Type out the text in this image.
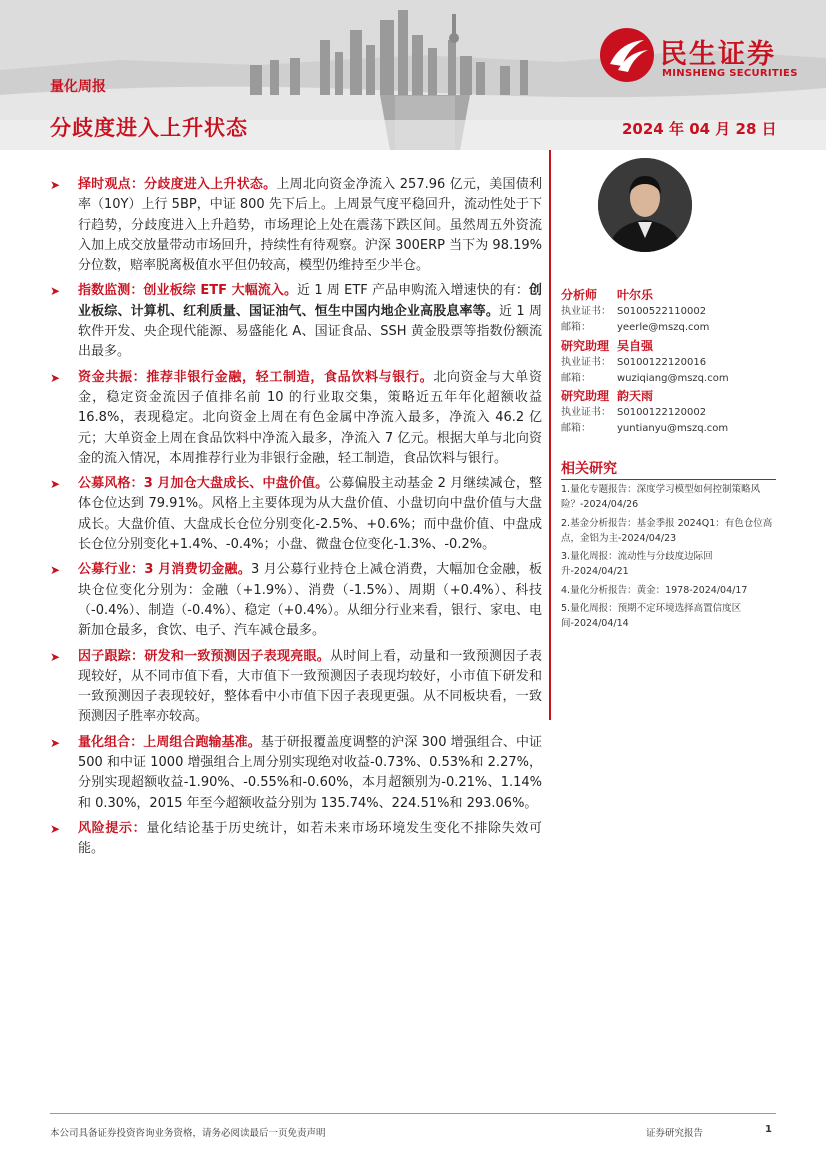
民生证券
MINSHENG SECURITIES
量化周报
分歧度进入上升状态	2024 年 04 月 28 日
➤ 择时观点：分歧度进入上升状态。上周北向资金净流入 257.96 亿元，美国债利率（10Y）上行 5BP，中证 800 先下后上。上周景气度平稳回升，流动性处于下行趋势，分歧度进入上升趋势，市场理论上处在震荡下跌区间。虽然周五外资流入加上成交放量带动市场回升，持续性有待观察。沪深 300ERP 当下为 98.19%分位数，赔率脱离极值水平但仍较高，模型仍维持至少半仓。
➤ 指数监测：创业板综 ETF 大幅流入。近 1 周 ETF 产品申购流入增速快的有：创业板综、计算机、红利质量、国证油气、恒生中国内地企业高股息率等。近 1 周软件开发、央企现代能源、易盛能化 A、国证食品、SSH 黄金股票等指数份额流出最多。
➤ 资金共振：推荐非银行金融，轻工制造，食品饮料与银行。北向资金与大单资金，稳定资金流因子值排名前 10 的行业取交集，策略近五年年化超额收益 16.8%，表现稳定。北向资金上周在有色金属中净流入最多，净流入 46.2 亿元；大单资金上周在食品饮料中净流入最多，净流入 7 亿元。根据大单与北向资金的流入情况，本周推荐行业为非银行金融，轻工制造，食品饮料与银行。
➤ 公募风格：3 月加仓大盘成长、中盘价值。公募偏股主动基金 2 月继续减仓，整体仓位达到 79.91%。风格上主要体现为从大盘价值、小盘切向中盘价值与大盘成长。大盘价值、大盘成长仓位分别变化-2.5%、+0.6%；而中盘价值、中盘成长仓位分别变化+1.4%、-0.4%；小盘、微盘仓位变化-1.3%、-0.2%。
➤ 公募行业：3 月消费切金融。3 月公募行业持仓上减仓消费，大幅加仓金融，板块仓位变化分别为：金融（+1.9%）、消费（-1.5%）、周期（+0.4%）、科技（-0.4%）、制造（-0.4%）、稳定（+0.4%）。从细分行业来看，银行、家电、电新加仓最多，食饮、电子、汽车减仓最多。
➤ 因子跟踪：研发和一致预测因子表现亮眼。从时间上看，动量和一致预测因子表现较好，从不同市值下看，大市值下一致预测因子表现均较好，小市值下研发和一致预测因子表现较好，整体看中小市值下因子表现更强。从不同板块看，一致预测因子胜率亦较高。
➤ 量化组合：上周组合跑输基准。基于研报覆盖度调整的沪深 300 增强组合、中证 500 和中证 1000 增强组合上周分别实现绝对收益-0.73%、0.53%和 2.27%，分别实现超额收益-1.90%、-0.55%和-0.60%，本月超额别为-0.21%、1.14%和 0.30%，2015 年至今超额收益分别为 135.74%、224.51%和 293.06%。
➤ 风险提示：量化结论基于历史统计，如若未来市场环境发生变化不排除失效可能。
分析师 叶尔乐
执业证书： S0100522110002
邮箱：	yeerle@mszq.com
研究助理 吴自强
执业证书： S0100122120016
邮箱：	wuziqiang@mszq.com
研究助理 韵天雨
执业证书： S0100122120002
邮箱：	yuntianyu@mszq.com
相关研究
1.量化专题报告：深度学习模型如何控制策略风险？-2024/04/26
2.基金分析报告：基金季报 2024Q1：有色仓位高点，金铝为主-2024/04/23
3.量化周报：流动性与分歧度边际回升-2024/04/21
4.量化分析报告：黄金：1978-2024/04/17
5.量化周报：预期不定环境选择高置信度区间-2024/04/14
本公司具备证券投资咨询业务资格，请务必阅读最后一页免责声明	证券研究报告	1
